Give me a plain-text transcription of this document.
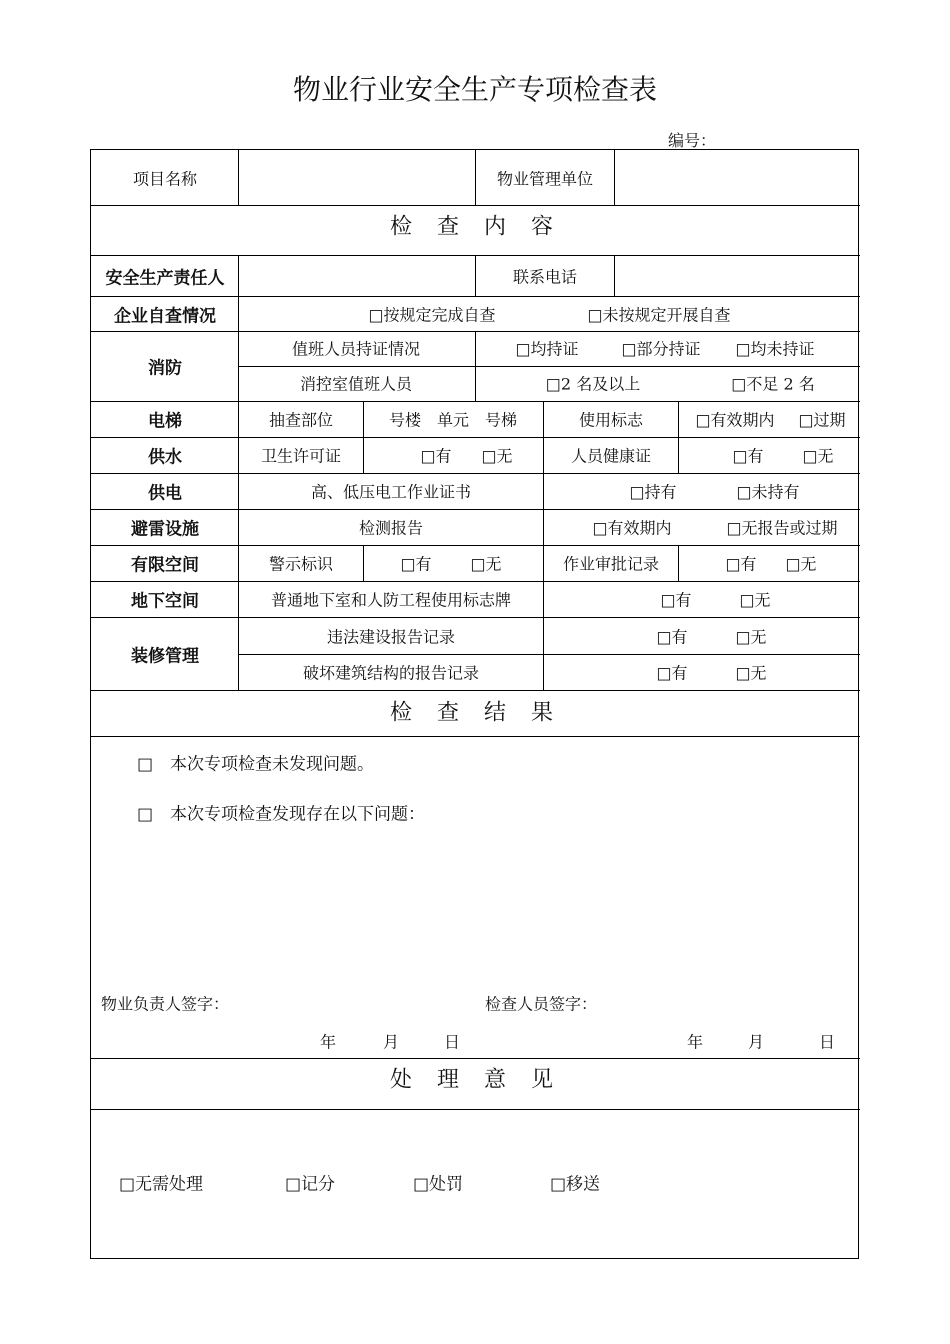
物业行业安全生产专项检查表
编号：
项目名称	物业管理单位
检 查 内 容
安全生产责任人	联系电话
企业自查情况	□按规定完成自查	□未按规定开展自查
消防
值班人员持证情况	□均持证	□部分持证 □均未持证
消控室值班人员	□2 名及以上	□不足 2 名
电梯	抽查部位	号楼　单元　号梯	使用标志	□有效期内 □过期
供水	卫生许可证	□有 □无	人员健康证	□有 □无
供电	高、低压电工作业证书	□持有	□未持有
避雷设施	检测报告	□有效期内	□无报告或过期
有限空间	警示标识	□有 □无	作业审批记录	□有 □无
地下空间	普通地下室和人防工程使用标志牌	□有	□无
装修管理
违法建设报告记录	□有	□无
破坏建筑结构的报告记录	□有	□无
检 查 结 果
□　本次专项检查未发现问题。
□　本次专项检查发现存在以下问题：
物业负责人签字：	检查人员签字：
年	月	日	年	月	日
处 理 意 见
□无需处理	□记分	□处罚	□移送
